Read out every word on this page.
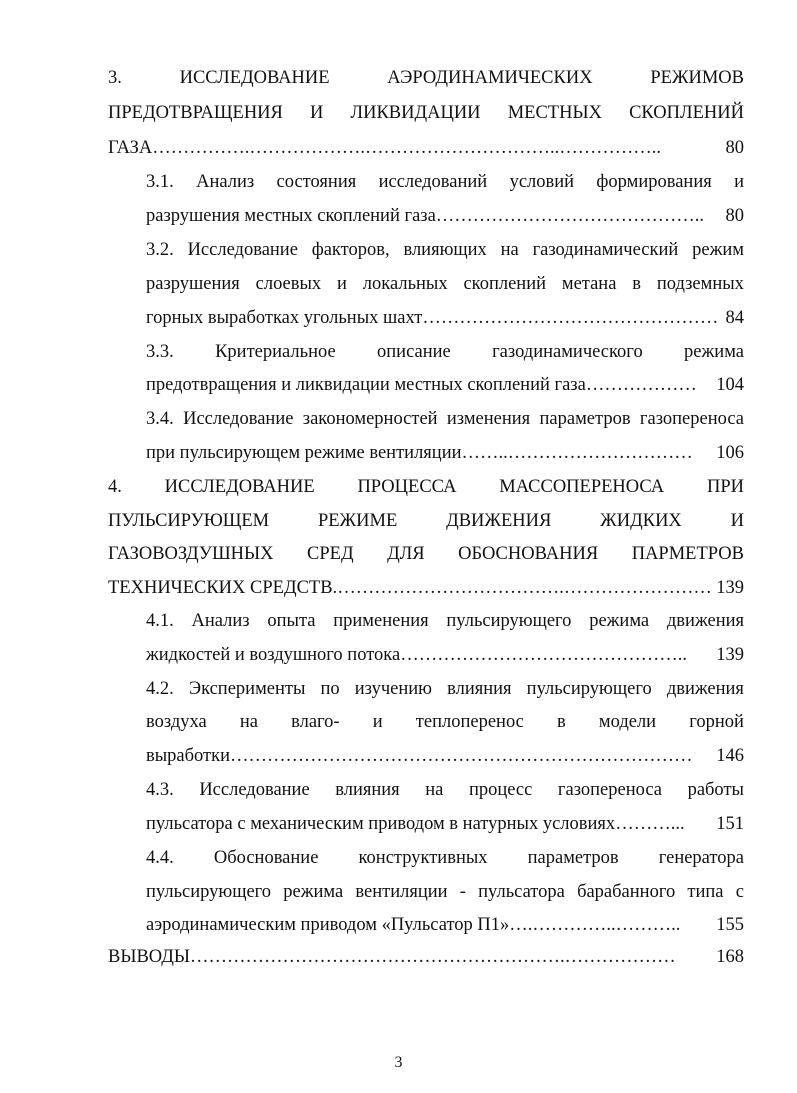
3.	ИССЛЕДОВАНИЕ	АЭРОДИНАМИЧЕСКИХ	РЕЖИМОВ
ПРЕДОТВРАЩЕНИЯ И ЛИКВИДАЦИИ МЕСТНЫХ СКОПЛЕНИЙ
ГАЗА …………….……………….…………………………..……………..	80
3.1. Анализ состояния исследований условий формирования и
разрушения местных скоплений газа ……………………………………..	80
3.2. Исследование факторов, влияющих на газодинамический режим
разрушения слоевых и локальных скоплений метана в подземных
горных выработках угольных шахт ………………………………………… 84
3.3. Критериальное описание газодинамического режима
предотвращения и ликвидации местных скоплений газа ………………	104
3.4. Исследование закономерностей изменения параметров газопереноса
при пульсирующем режиме вентиляции ……..…………………………	106
4. ИССЛЕДОВАНИЕ ПРОЦЕССА МАССОПЕРЕНОСА ПРИ
ПУЛЬСИРУЮЩЕМ	РЕЖИМЕ	ДВИЖЕНИЯ	ЖИДКИХ	И
ГАЗОВОЗДУШНЫХ СРЕД ДЛЯ ОБОСНОВАНИЯ ПАРМЕТРОВ
ТЕХНИЧЕСКИХ СРЕДСТВ. ……………………………….…………………… 139
4.1. Анализ опыта применения пульсирующего режима движения
жидкостей и воздушного потока ………………………………………..	139
4.2. Эксперименты по изучению влияния пульсирующего движения
воздуха на влаго- и теплоперенос в модели горной
выработки …………………………………………………………………	146
4.3. Исследование влияния на процесс газопереноса работы
пульсатора с механическим приводом в натурных условиях ………...	151
4.4. Обоснование конструктивных параметров генератора
пульсирующего режима вентиляции - пульсатора барабанного типа с
аэродинамическим приводом «Пульсатор П1» ….…………..………..	155
ВЫВОДЫ …………………………………………………….………………	168
3
